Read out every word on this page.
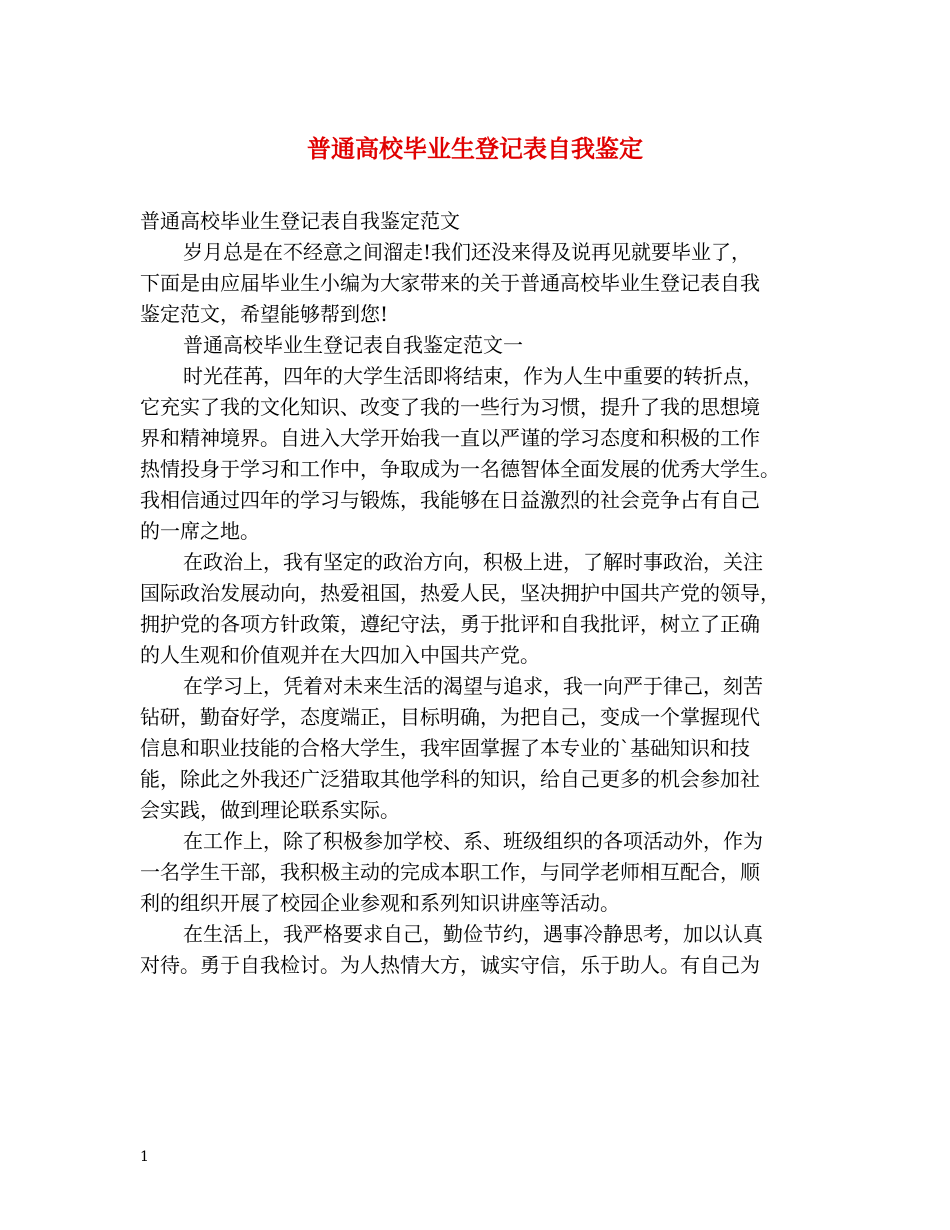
普通高校毕业生登记表自我鉴定
普通高校毕业生登记表自我鉴定范文
岁月总是在不经意之间溜走!我们还没来得及说再见就要毕业了，
下面是由应届毕业生小编为大家带来的关于普通高校毕业生登记表自我
鉴定范文，希望能够帮到您!
普通高校毕业生登记表自我鉴定范文一
时光荏苒，四年的大学生活即将结束，作为人生中重要的转折点，
它充实了我的文化知识、改变了我的一些行为习惯，提升了我的思想境
界和精神境界。自进入大学开始我一直以严谨的学习态度和积极的工作
热情投身于学习和工作中，争取成为一名德智体全面发展的优秀大学生。
我相信通过四年的学习与锻炼，我能够在日益激烈的社会竞争占有自己
的一席之地。
在政治上，我有坚定的政治方向，积极上进，了解时事政治，关注
国际政治发展动向，热爱祖国，热爱人民，坚决拥护中国共产党的领导，
拥护党的各项方针政策，遵纪守法，勇于批评和自我批评，树立了正确
的人生观和价值观并在大四加入中国共产党。
在学习上，凭着对未来生活的渴望与追求，我一向严于律己，刻苦
钻研，勤奋好学，态度端正，目标明确，为把自己，变成一个掌握现代
信息和职业技能的合格大学生，我牢固掌握了本专业的`基础知识和技
能，除此之外我还广泛猎取其他学科的知识，给自己更多的机会参加社
会实践，做到理论联系实际。
在工作上，除了积极参加学校、系、班级组织的各项活动外，作为
一名学生干部，我积极主动的完成本职工作，与同学老师相互配合，顺
利的组织开展了校园企业参观和系列知识讲座等活动。
在生活上，我严格要求自己，勤俭节约，遇事冷静思考，加以认真
对待。勇于自我检讨。为人热情大方，诚实守信，乐于助人。有自己为
1
